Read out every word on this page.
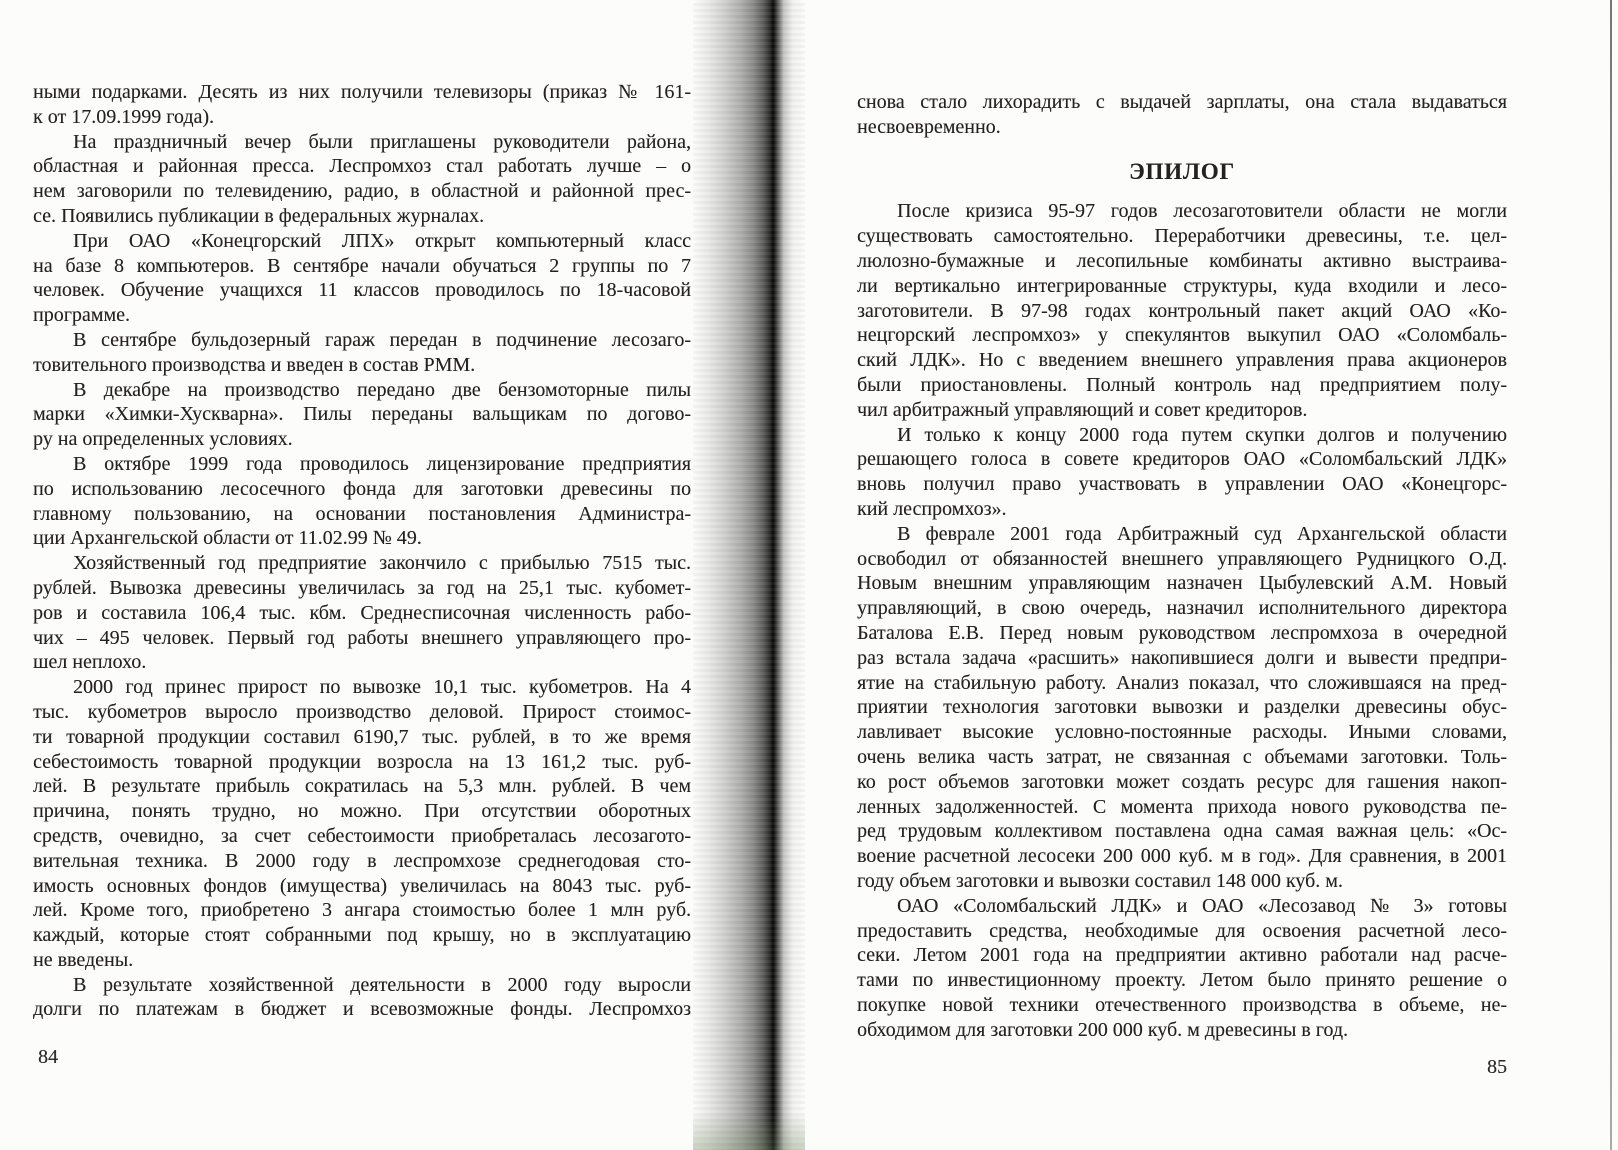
ными подарками. Десять из них получили телевизоры (приказ № 161-
к от 17.09.1999 года).
На праздничный вечер были приглашены руководители района,
областная и районная пресса. Леспромхоз стал работать лучше – о
нем заговорили по телевидению, радио, в областной и районной прес-
се. Появились публикации в федеральных журналах.
При ОАО «Конецгорский ЛПХ» открыт компьютерный класс
на базе 8 компьютеров. В сентябре начали обучаться 2 группы по 7
человек. Обучение учащихся 11 классов проводилось по 18-часовой
программе.
В сентябре бульдозерный гараж передан в подчинение лесозаго-
товительного производства и введен в состав РММ.
В декабре на производство передано две бензомоторные пилы
марки «Химки-Хускварна». Пилы переданы вальщикам по догово-
ру на определенных условиях.
В октябре 1999 года проводилось лицензирование предприятия
по использованию лесосечного фонда для заготовки древесины по
главному пользованию, на основании постановления Администра-
ции Архангельской области от 11.02.99 № 49.
Хозяйственный год предприятие закончило с прибылью 7515 тыс.
рублей. Вывозка древесины увеличилась за год на 25,1 тыс. кубомет-
ров и составила 106,4 тыс. кбм. Среднесписочная численность рабо-
чих – 495 человек. Первый год работы внешнего управляющего про-
шел неплохо.
2000 год принес прирост по вывозке 10,1 тыс. кубометров. На 4
тыс. кубометров выросло производство деловой. Прирост стоимос-
ти товарной продукции составил 6190,7 тыс. рублей, в то же время
себестоимость товарной продукции возросла на 13 161,2 тыс. руб-
лей. В результате прибыль сократилась на 5,3 млн. рублей. В чем
причина, понять трудно, но можно. При отсутствии оборотных
средств, очевидно, за счет себестоимости приобреталась лесозагото-
вительная техника. В 2000 году в леспромхозе среднегодовая сто-
имость основных фондов (имущества) увеличилась на 8043 тыс. руб-
лей. Кроме того, приобретено 3 ангара стоимостью более 1 млн руб.
каждый, которые стоят собранными под крышу, но в эксплуатацию
не введены.
В результате хозяйственной деятельности в 2000 году выросли
долги по платежам в бюджет и всевозможные фонды. Леспромхоз
84
снова стало лихорадить с выдачей зарплаты, она стала выдаваться
несвоевременно.
ЭПИЛОГ
После кризиса 95-97 годов лесозаготовители области не могли
существовать самостоятельно. Переработчики древесины, т.е. цел-
люлозно-бумажные и лесопильные комбинаты активно выстраива-
ли вертикально интегрированные структуры, куда входили и лесо-
заготовители. В 97-98 годах контрольный пакет акций ОАО «Ко-
нецгорский леспромхоз» у спекулянтов выкупил ОАО «Соломбаль-
ский ЛДК». Но с введением внешнего управления права акционеров
были приостановлены. Полный контроль над предприятием полу-
чил арбитражный управляющий и совет кредиторов.
И только к концу 2000 года путем скупки долгов и получению
решающего голоса в совете кредиторов ОАО «Соломбальский ЛДК»
вновь получил право участвовать в управлении ОАО «Конецгорс-
кий леспромхоз».
В феврале 2001 года Арбитражный суд Архангельской области
освободил от обязанностей внешнего управляющего Рудницкого О.Д.
Новым внешним управляющим назначен Цыбулевский А.М. Новый
управляющий, в свою очередь, назначил исполнительного директора
Баталова Е.В. Перед новым руководством леспромхоза в очередной
раз встала задача «расшить» накопившиеся долги и вывести предпри-
ятие на стабильную работу. Анализ показал, что сложившаяся на пред-
приятии технология заготовки вывозки и разделки древесины обус-
лавливает высокие условно-постоянные расходы. Иными словами,
очень велика часть затрат, не связанная с объемами заготовки. Толь-
ко рост объемов заготовки может создать ресурс для гашения накоп-
ленных задолженностей. С момента прихода нового руководства пе-
ред трудовым коллективом поставлена одна самая важная цель: «Ос-
воение расчетной лесосеки 200 000 куб. м в год». Для сравнения, в 2001
году объем заготовки и вывозки составил 148 000 куб. м.
ОАО «Соломбальский ЛДК» и ОАО «Лесозавод № 3» готовы
предоставить средства, необходимые для освоения расчетной лесо-
секи. Летом 2001 года на предприятии активно работали над расче-
тами по инвестиционному проекту. Летом было принято решение о
покупке новой техники отечественного производства в объеме, не-
обходимом для заготовки 200 000 куб. м древесины в год.
85
